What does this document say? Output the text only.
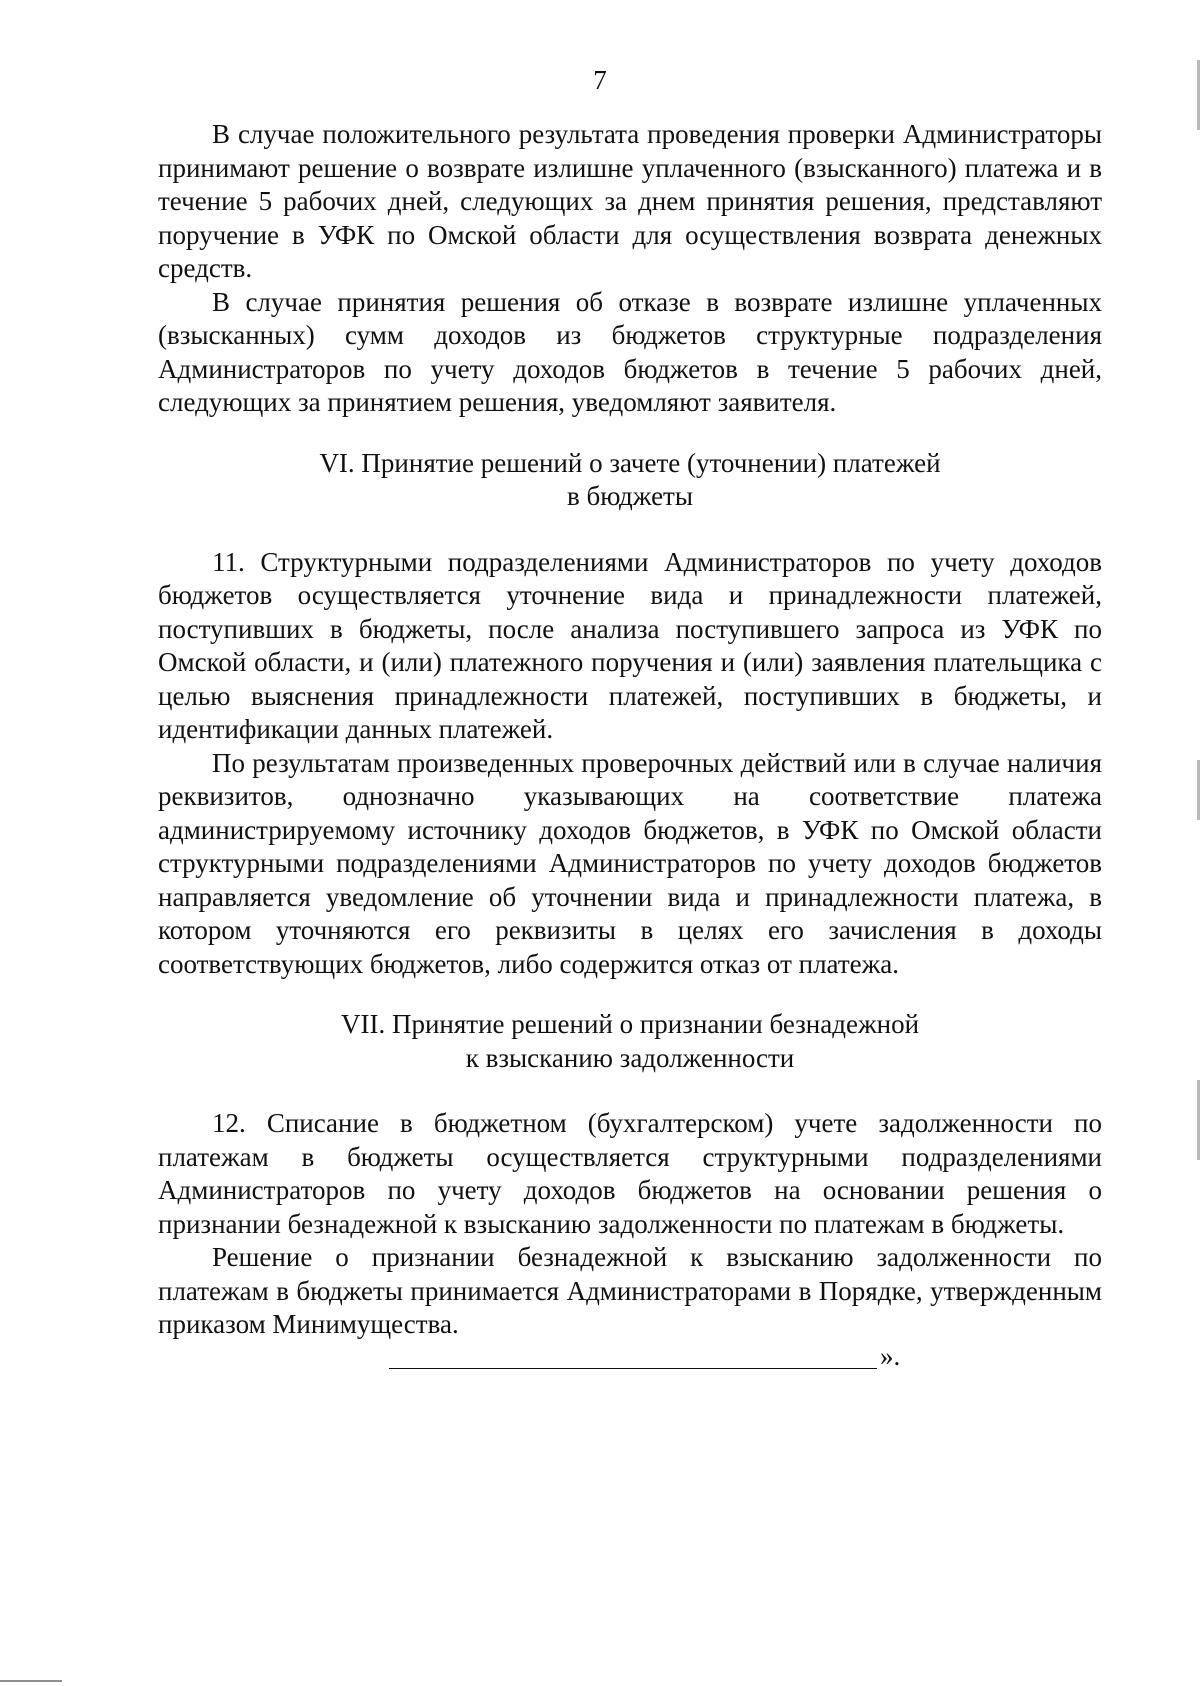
7

В случае положительного результата проведения проверки Администраторы принимают решение о возврате излишне уплаченного (взысканного) платежа и в течение 5 рабочих дней, следующих за днем принятия решения, представляют поручение в УФК по Омской области для осуществления возврата денежных средств.

В случае принятия решения об отказе в возврате излишне уплаченных (взысканных) сумм доходов из бюджетов структурные подразделения Администраторов по учету доходов бюджетов в течение 5 рабочих дней, следующих за принятием решения, уведомляют заявителя.

VI. Принятие решений о зачете (уточнении) платежей
в бюджеты

11. Структурными подразделениями Администраторов по учету доходов бюджетов осуществляется уточнение вида и принадлежности платежей, поступивших в бюджеты, после анализа поступившего запроса из УФК по Омской области, и (или) платежного поручения и (или) заявления плательщика с целью выяснения принадлежности платежей, поступивших в бюджеты, и идентификации данных платежей.

По результатам произведенных проверочных действий или в случае наличия реквизитов, однозначно указывающих на соответствие платежа администрируемому источнику доходов бюджетов, в УФК по Омской области структурными подразделениями Администраторов по учету доходов бюджетов направляется уведомление об уточнении вида и принадлежности платежа, в котором уточняются его реквизиты в целях его зачисления в доходы соответствующих бюджетов, либо содержится отказ от платежа.

VII. Принятие решений о признании безнадежной
к взысканию задолженности

12. Списание в бюджетном (бухгалтерском) учете задолженности по платежам в бюджеты осуществляется структурными подразделениями Администраторов по учету доходов бюджетов на основании решения о признании безнадежной к взысканию задолженности по платежам в бюджеты.

Решение о признании безнадежной к взысканию задолженности по платежам в бюджеты принимается Администраторами в Порядке, утвержденным приказом Минимущества.

».
